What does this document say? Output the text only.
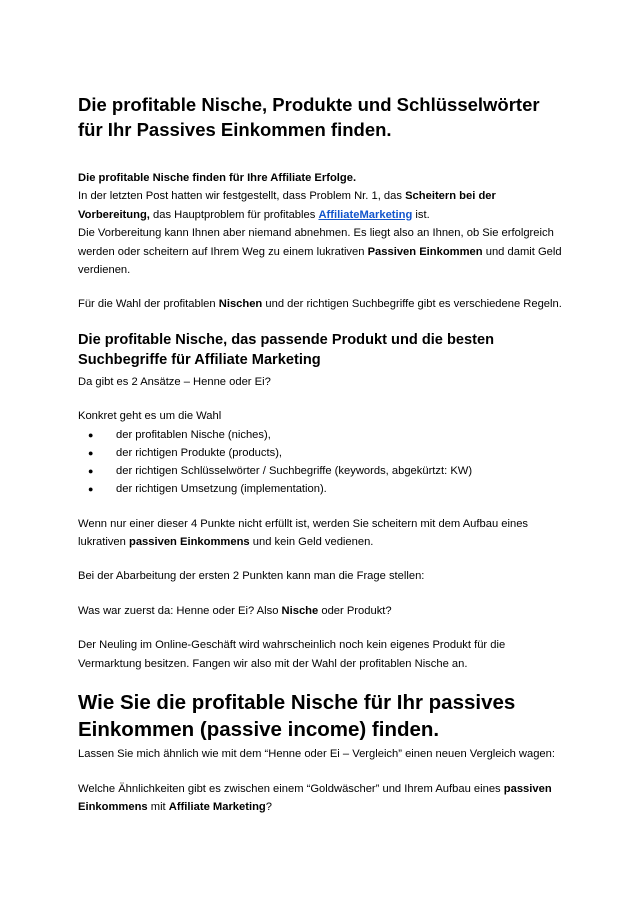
Die profitable Nische, Produkte und Schlüsselwörter für Ihr Passives Einkommen finden.
Die profitable Nische finden für Ihre Affiliate Erfolge.
In der letzten Post hatten wir festgestellt, dass Problem Nr. 1, das Scheitern bei der Vorbereitung, das Hauptproblem für profitables AffiliateMarketing ist.
Die Vorbereitung kann Ihnen aber niemand abnehmen. Es liegt also an Ihnen, ob Sie erfolgreich werden oder scheitern auf Ihrem Weg zu einem lukrativen Passiven Einkommen und damit Geld verdienen.
Für die Wahl der profitablen Nischen und der richtigen Suchbegriffe gibt es verschiedene Regeln.
Die profitable Nische, das passende Produkt und die besten Suchbegriffe für Affiliate Marketing
Da gibt es 2 Ansätze – Henne oder Ei?
Konkret geht es um die Wahl
● der profitablen Nische (niches),
● der richtigen Produkte (products),
● der richtigen Schlüsselwörter / Suchbegriffe (keywords, abgekürtzt: KW)
● der richtigen Umsetzung (implementation).
Wenn nur einer dieser 4 Punkte nicht erfüllt ist, werden Sie scheitern mit dem Aufbau eines lukrativen passiven Einkommens und kein Geld vedienen.
Bei der Abarbeitung der ersten 2 Punkten kann man die Frage stellen:
Was war zuerst da: Henne oder Ei? Also Nische oder Produkt?
Der Neuling im Online-Geschäft wird wahrscheinlich noch kein eigenes Produkt für die Vermarktung besitzen. Fangen wir also mit der Wahl der profitablen Nische an.
Wie Sie die profitable Nische für Ihr passives Einkommen (passive income) finden.
Lassen Sie mich ähnlich wie mit dem “Henne oder Ei – Vergleich” einen neuen Vergleich wagen:
Welche Ähnlichkeiten gibt es zwischen einem “Goldwäscher” und Ihrem Aufbau eines passiven Einkommens mit Affiliate Marketing?
